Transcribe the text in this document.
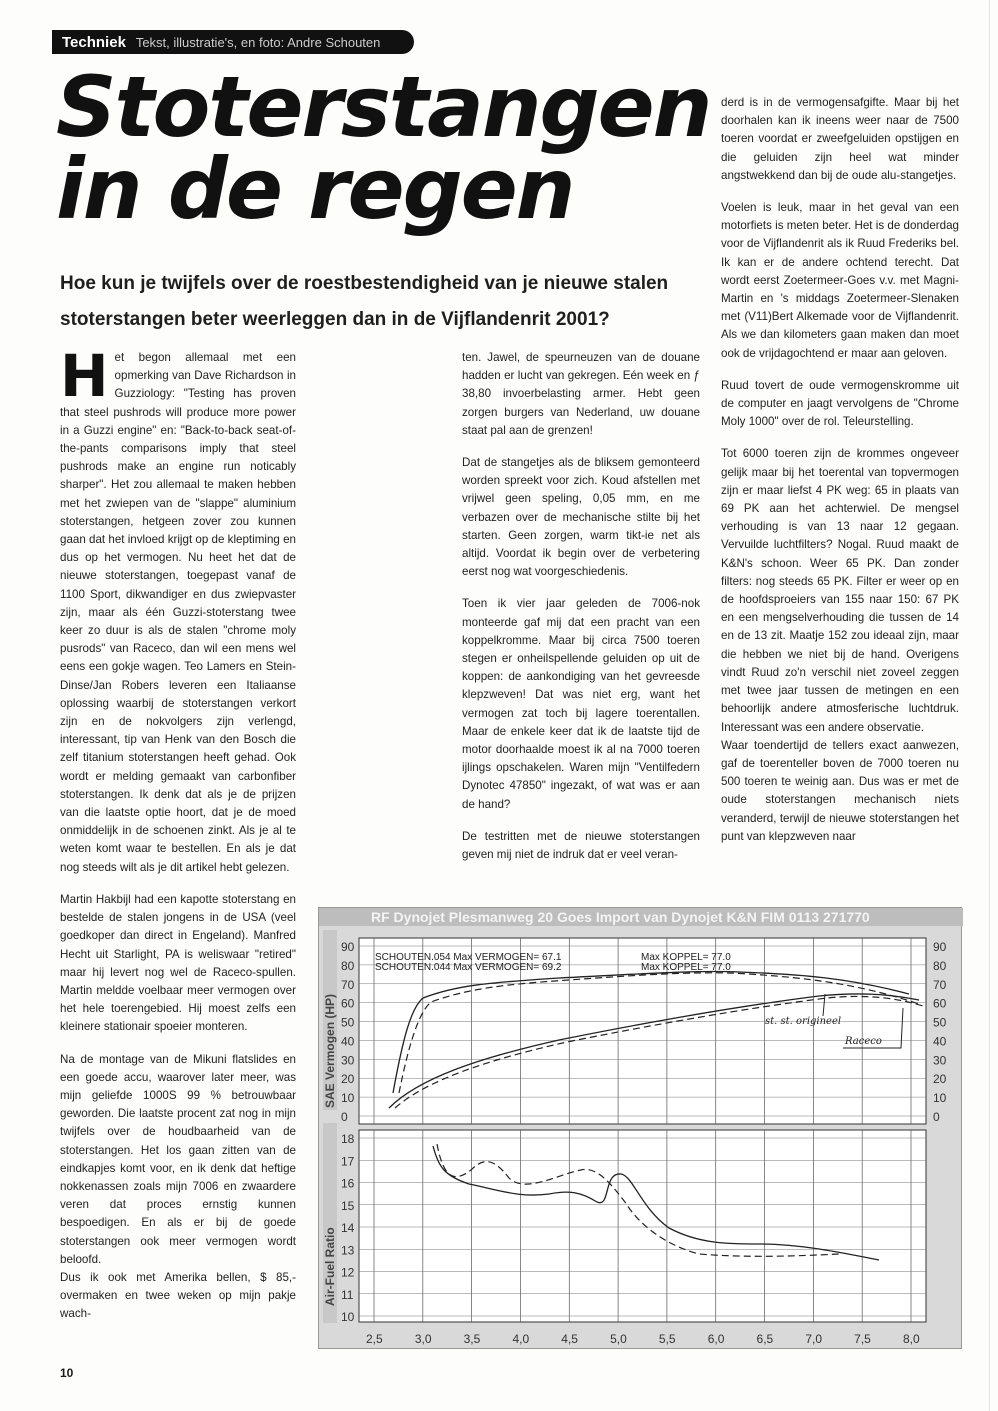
Techniek Tekst, illustratie's, en foto: Andre Schouten
Stoterstangen
in de regen

Hoe kun je twijfels over de roestbestendigheid van je nieuwe stalen stoterstangen beter weerleggen dan in de Vijflandenrit 2001?

Het begon allemaal met een opmerking van Dave Richardson in Guzziology: "Testing has proven that steel pushrods will produce more power in a Guzzi engine" en: "Back-to-back seat-of-the-pants comparisons imply that steel pushrods make an engine run noticably sharper". Het zou allemaal te maken hebben met het zwiepen van de "slappe" aluminium stoterstangen, hetgeen zover zou kunnen gaan dat het invloed krijgt op de kleptiming en dus op het vermogen. Nu heet het dat de nieuwe stoterstangen, toegepast vanaf de 1100 Sport, dikwandiger en dus zwiepvaster zijn, maar als één Guzzi-stoterstang twee keer zo duur is als de stalen "chrome moly pusrods" van Raceco, dan wil een mens wel eens een gokje wagen. Teo Lamers en Stein-Dinse/Jan Robers leveren een Italiaanse oplossing waarbij de stoterstangen verkort zijn en de nokvolgers zijn verlengd, interessant, tip van Henk van den Bosch die zelf titanium stoterstangen heeft gehad. Ook wordt er melding gemaakt van carbonfiber stoterstangen. Ik denk dat als je de prijzen van die laatste optie hoort, dat je de moed onmiddelijk in de schoenen zinkt. Als je al te weten komt waar te bestellen. En als je dat nog steeds wilt als je dit artikel hebt gelezen.

Martin Hakbijl had een kapotte stoterstang en bestelde de stalen jongens in de USA (veel goedkoper dan direct in Engeland). Manfred Hecht uit Starlight, PA is weliswaar "retired" maar hij levert nog wel de Raceco-spullen. Martin meldde voelbaar meer vermogen over het hele toerengebied. Hij moest zelfs een kleinere stationair spoeier monteren.

Na de montage van de Mikuni flatslides en een goede accu, waarover later meer, was mijn geliefde 1000S 99 % betrouwbaar geworden. Die laatste procent zat nog in mijn twijfels over de houdbaarheid van de stoterstangen. Het los gaan zitten van de eindkapjes komt voor, en ik denk dat heftige nokkenassen zoals mijn 7006 en zwaardere veren dat proces ernstig kunnen bespoedigen. En als er bij de goede stoterstangen ook meer vermogen wordt beloofd.

Dus ik ook met Amerika bellen, $ 85,- overmaken en twee weken op mijn pakje wach-

ten. Jawel, de speurneuzen van de douane hadden er lucht van gekregen. Eén week en ƒ 38,80 invoerbelasting armer. Hebt geen zorgen burgers van Nederland, uw douane staat pal aan de grenzen!

Dat de stangetjes als de bliksem gemonteerd worden spreekt voor zich. Koud afstellen met vrijwel geen speling, 0,05 mm, en me verbazen over de mechanische stilte bij het starten. Geen zorgen, warm tikt-ie net als altijd. Voordat ik begin over de verbetering eerst nog wat voorgeschiedenis.

Toen ik vier jaar geleden de 7006-nok monteerde gaf mij dat een pracht van een koppelkromme. Maar bij circa 7500 toeren stegen er onheilspellende geluiden op uit de koppen: de aankondiging van het gevreesde klepzweven! Dat was niet erg, want het vermogen zat toch bij lagere toerentallen. Maar de enkele keer dat ik de laatste tijd de motor doorhaalde moest ik al na 7000 toeren ijlings opschakelen. Waren mijn "Ventilfedern Dynotec 47850" ingezakt, of wat was er aan de hand?

De testritten met de nieuwe stoterstangen geven mij niet de indruk dat er veel veran-

derd is in de vermogensafgifte. Maar bij het doorhalen kan ik ineens weer naar de 7500 toeren voordat er zweefgeluiden opstijgen en die geluiden zijn heel wat minder angstwekkend dan bij de oude alu-stangetjes.

Voelen is leuk, maar in het geval van een motorfiets is meten beter. Het is de donderdag voor de Vijflandenrit als ik Ruud Frederiks bel. Ik kan er de andere ochtend terecht. Dat wordt eerst Zoetermeer-Goes v.v. met Magni-Martin en 's middags Zoetermeer-Slenaken met (V11)Bert Alkemade voor de Vijflandenrit. Als we dan kilometers gaan maken dan moet ook de vrijdagochtend er maar aan geloven.

Ruud tovert de oude vermogenskromme uit de computer en jaagt vervolgens de "Chrome Moly 1000" over de rol. Teleurstelling.

Tot 6000 toeren zijn de krommes ongeveer gelijk maar bij het toerental van topvermogen zijn er maar liefst 4 PK weg: 65 in plaats van 69 PK aan het achterwiel. De mengsel verhouding is van 13 naar 12 gegaan. Vervuilde luchtfilters? Nogal. Ruud maakt de K&N's schoon. Weer 65 PK. Dan zonder filters: nog steeds 65 PK. Filter er weer op en de hoofdsproeiers van 155 naar 150: 67 PK en een mengselverhouding die tussen de 14 en de 13 zit. Maatje 152 zou ideaal zijn, maar die hebben we niet bij de hand. Overigens vindt Ruud zo'n verschil niet zoveel zeggen met twee jaar tussen de metingen en een behoorlijk andere atmosferische luchtdruk. Interessant was een andere observatie.

Waar toendertijd de tellers exact aanwezen, gaf de toerenteller boven de 7000 toeren nu 500 toeren te weinig aan. Dus was er met de oude stoterstangen mechanisch niets veranderd, terwijl de nieuwe stoterstangen het punt van klepzweven naar

RF Dynojet Plesmanweg 20 Goes Import van Dynojet K&N FIM 0113 271770
SAE Vermogen (HP)
Air-Fuel Ratio
2,5	3,0	3,5	4,0	4,5	5,0	5,5	6,0	6,5	7,0	7,5	8,0
90	90
80	80
70	70
60	60
50	50
40	40
30	30
20	20
10	10
0	0
18
17
16
15
14
13
12
11
10
SCHOUTEN.054 Max VERMOGEN= 67.1
SCHOUTEN.044 Max VERMOGEN= 69.2
Max KOPPEL= 77.0
Max KOPPEL= 77.0
st. st. origineel
Raceco
10
